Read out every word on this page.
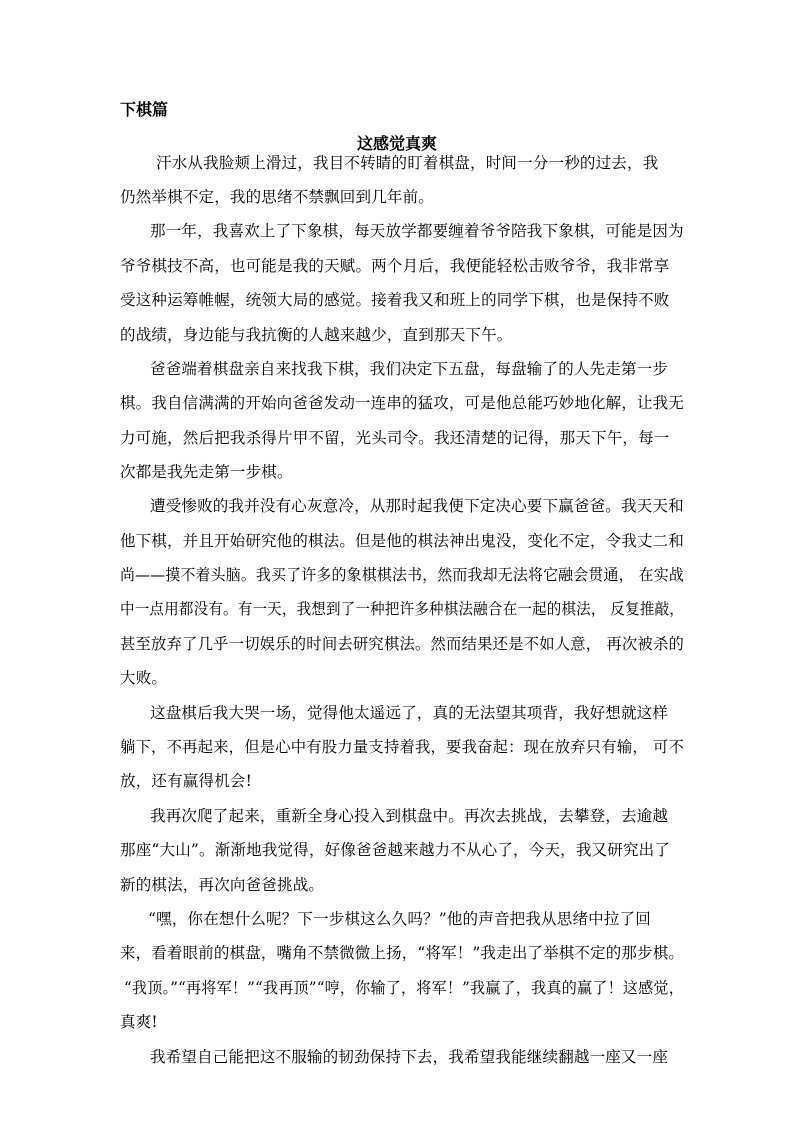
下棋篇
这感觉真爽
汗水从我脸颊上滑过，我目不转睛的盯着棋盘，时间一分一秒的过去，我
仍然举棋不定，我的思绪不禁飘回到几年前。
那一年，我喜欢上了下象棋，每天放学都要缠着爷爷陪我下象棋，可能是因为
爷爷棋技不高，也可能是我的天赋。两个月后，我便能轻松击败爷爷，我非常享
受这种运筹帷幄，统领大局的感觉。接着我又和班上的同学下棋，也是保持不败
的战绩，身边能与我抗衡的人越来越少，直到那天下午。
爸爸端着棋盘亲自来找我下棋，我们决定下五盘，每盘输了的人先走第一步
棋。我自信满满的开始向爸爸发动一连串的猛攻，可是他总能巧妙地化解，让我无
力可施，然后把我杀得片甲不留，光头司令。我还清楚的记得，那天下午，每一
次都是我先走第一步棋。
遭受惨败的我并没有心灰意冷，从那时起我便下定决心要下赢爸爸。我天天和
他下棋，并且开始研究他的棋法。但是他的棋法神出鬼没，变化不定，令我丈二和
尚——摸不着头脑。我买了许多的象棋棋法书，然而我却无法将它融会贯通， 在实战
中一点用都没有。有一天，我想到了一种把许多种棋法融合在一起的棋法， 反复推敲，
甚至放弃了几乎一切娱乐的时间去研究棋法。然而结果还是不如人意， 再次被杀的
大败。
这盘棋后我大哭一场，觉得他太遥远了，真的无法望其项背，我好想就这样
躺下，不再起来，但是心中有股力量支持着我，要我奋起：现在放弃只有输， 可不
放，还有赢得机会!
我再次爬了起来，重新全身心投入到棋盘中。再次去挑战，去攀登，去逾越
那座“大山”。渐渐地我觉得，好像爸爸越来越力不从心了，今天，我又研究出了
新的棋法，再次向爸爸挑战。
“嘿，你在想什么呢？下一步棋这么久吗？”他的声音把我从思绪中拉了回
来，看着眼前的棋盘，嘴角不禁微微上扬，“将军！”我走出了举棋不定的那步棋。
“我顶。”“再将军！”“我再顶”“哼，你输了，将军！”我赢了，我真的赢了！这感觉，
真爽!
我希望自己能把这不服输的韧劲保持下去，我希望我能继续翻越一座又一座
